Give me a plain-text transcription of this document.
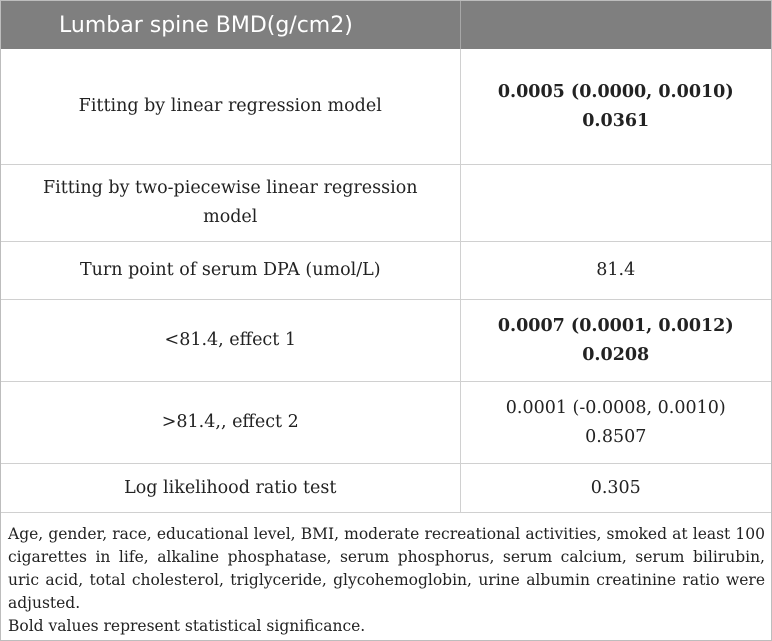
Lumbar spine BMD(g/cm2)	
Fitting by linear regression model	0.0005 (0.0000, 0.0010)
0.0361

Fitting by two-piecewise linear regression model	
Turn point of serum DPA (umol/L)	81.4
<81.4, effect 1	0.0007 (0.0001, 0.0012)
0.0208

>81.4,, effect 2	0.0001 (-0.0008, 0.0010)
0.8507

Log likelihood ratio test	0.305

Age, gender, race, educational level, BMI, moderate recreational activities, smoked at least 100 cigarettes in life, alkaline phosphatase, serum phosphorus, serum calcium, serum bilirubin, uric acid, total cholesterol, triglyceride, glycohemoglobin, urine albumin creatinine ratio were adjusted.

Bold values represent statistical significance.
